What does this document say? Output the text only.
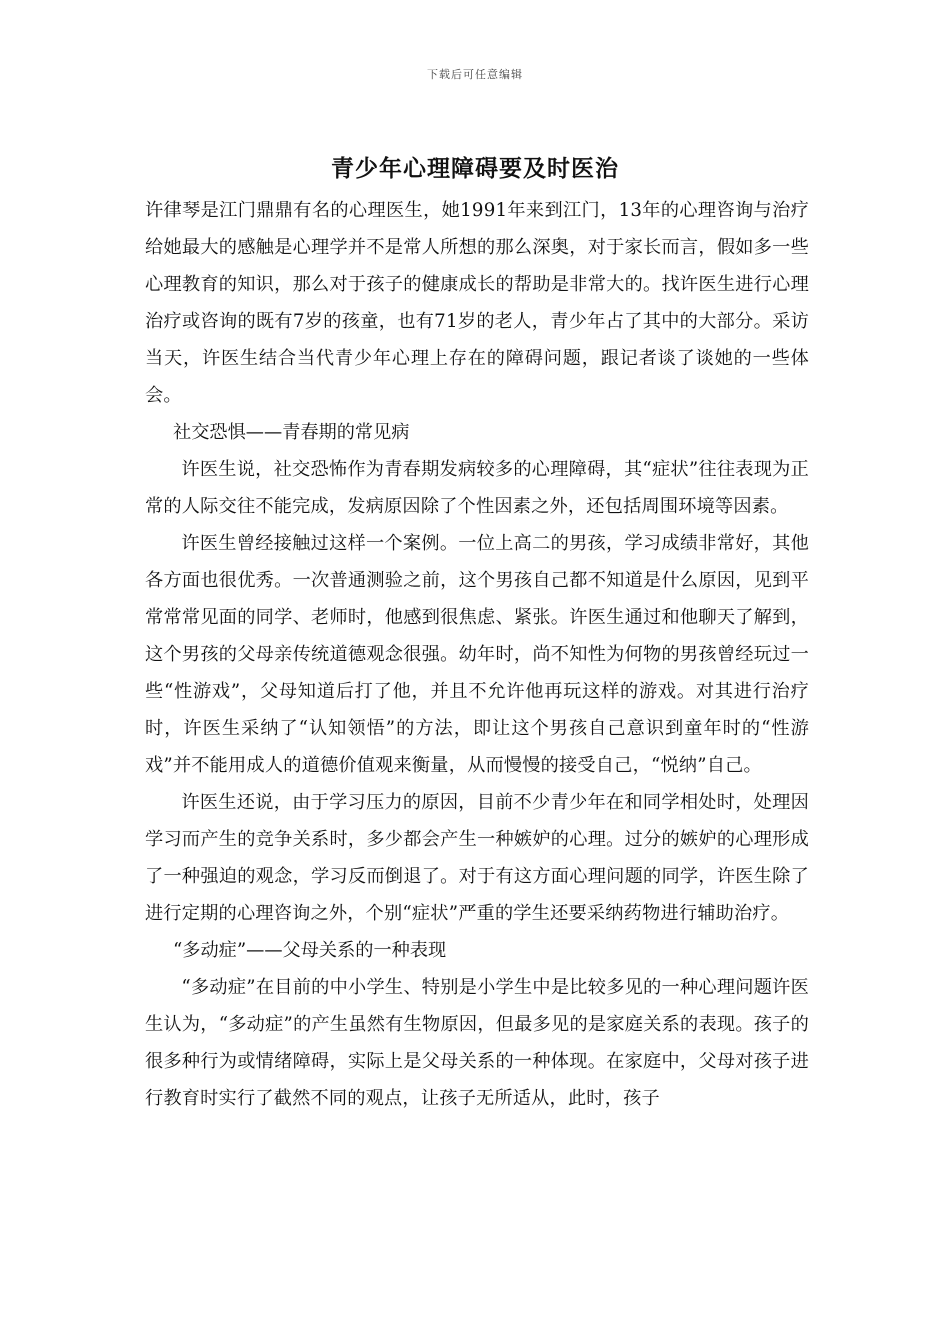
下载后可任意编辑
青少年心理障碍要及时医治

许律琴是江门鼎鼎有名的心理医生，她1991年来到江门，13年的心理咨询与治疗给她最大的感触是心理学并不是常人所想的那么深奥，对于家长而言，假如多一些心理教育的知识，那么对于孩子的健康成长的帮助是非常大的。找许医生进行心理治疗或咨询的既有7岁的孩童，也有71岁的老人，青少年占了其中的大部分。采访当天，许医生结合当代青少年心理上存在的障碍问题，跟记者谈了谈她的一些体会。

社交恐惧——青春期的常见病

许医生说，社交恐怖作为青春期发病较多的心理障碍，其“症状”往往表现为正常的人际交往不能完成，发病原因除了个性因素之外，还包括周围环境等因素。

许医生曾经接触过这样一个案例。一位上高二的男孩，学习成绩非常好，其他各方面也很优秀。一次普通测验之前，这个男孩自己都不知道是什么原因，见到平常常常见面的同学、老师时，他感到很焦虑、紧张。许医生通过和他聊天了解到，这个男孩的父母亲传统道德观念很强。幼年时，尚不知性为何物的男孩曾经玩过一些“性游戏”，父母知道后打了他，并且不允许他再玩这样的游戏。对其进行治疗时，许医生采纳了“认知领悟”的方法，即让这个男孩自己意识到童年时的“性游戏”并不能用成人的道德价值观来衡量，从而慢慢的接受自己，“悦纳”自己。

许医生还说，由于学习压力的原因，目前不少青少年在和同学相处时，处理因学习而产生的竞争关系时，多少都会产生一种嫉妒的心理。过分的嫉妒的心理形成了一种强迫的观念，学习反而倒退了。对于有这方面心理问题的同学，许医生除了进行定期的心理咨询之外，个别“症状”严重的学生还要采纳药物进行辅助治疗。

“多动症”——父母关系的一种表现

“多动症”在目前的中小学生、特别是小学生中是比较多见的一种心理问题许医生认为，“多动症”的产生虽然有生物原因，但最多见的是家庭关系的表现。孩子的很多种行为或情绪障碍，实际上是父母关系的一种体现。在家庭中，父母对孩子进行教育时实行了截然不同的观点，让孩子无所适从，此时，孩子
